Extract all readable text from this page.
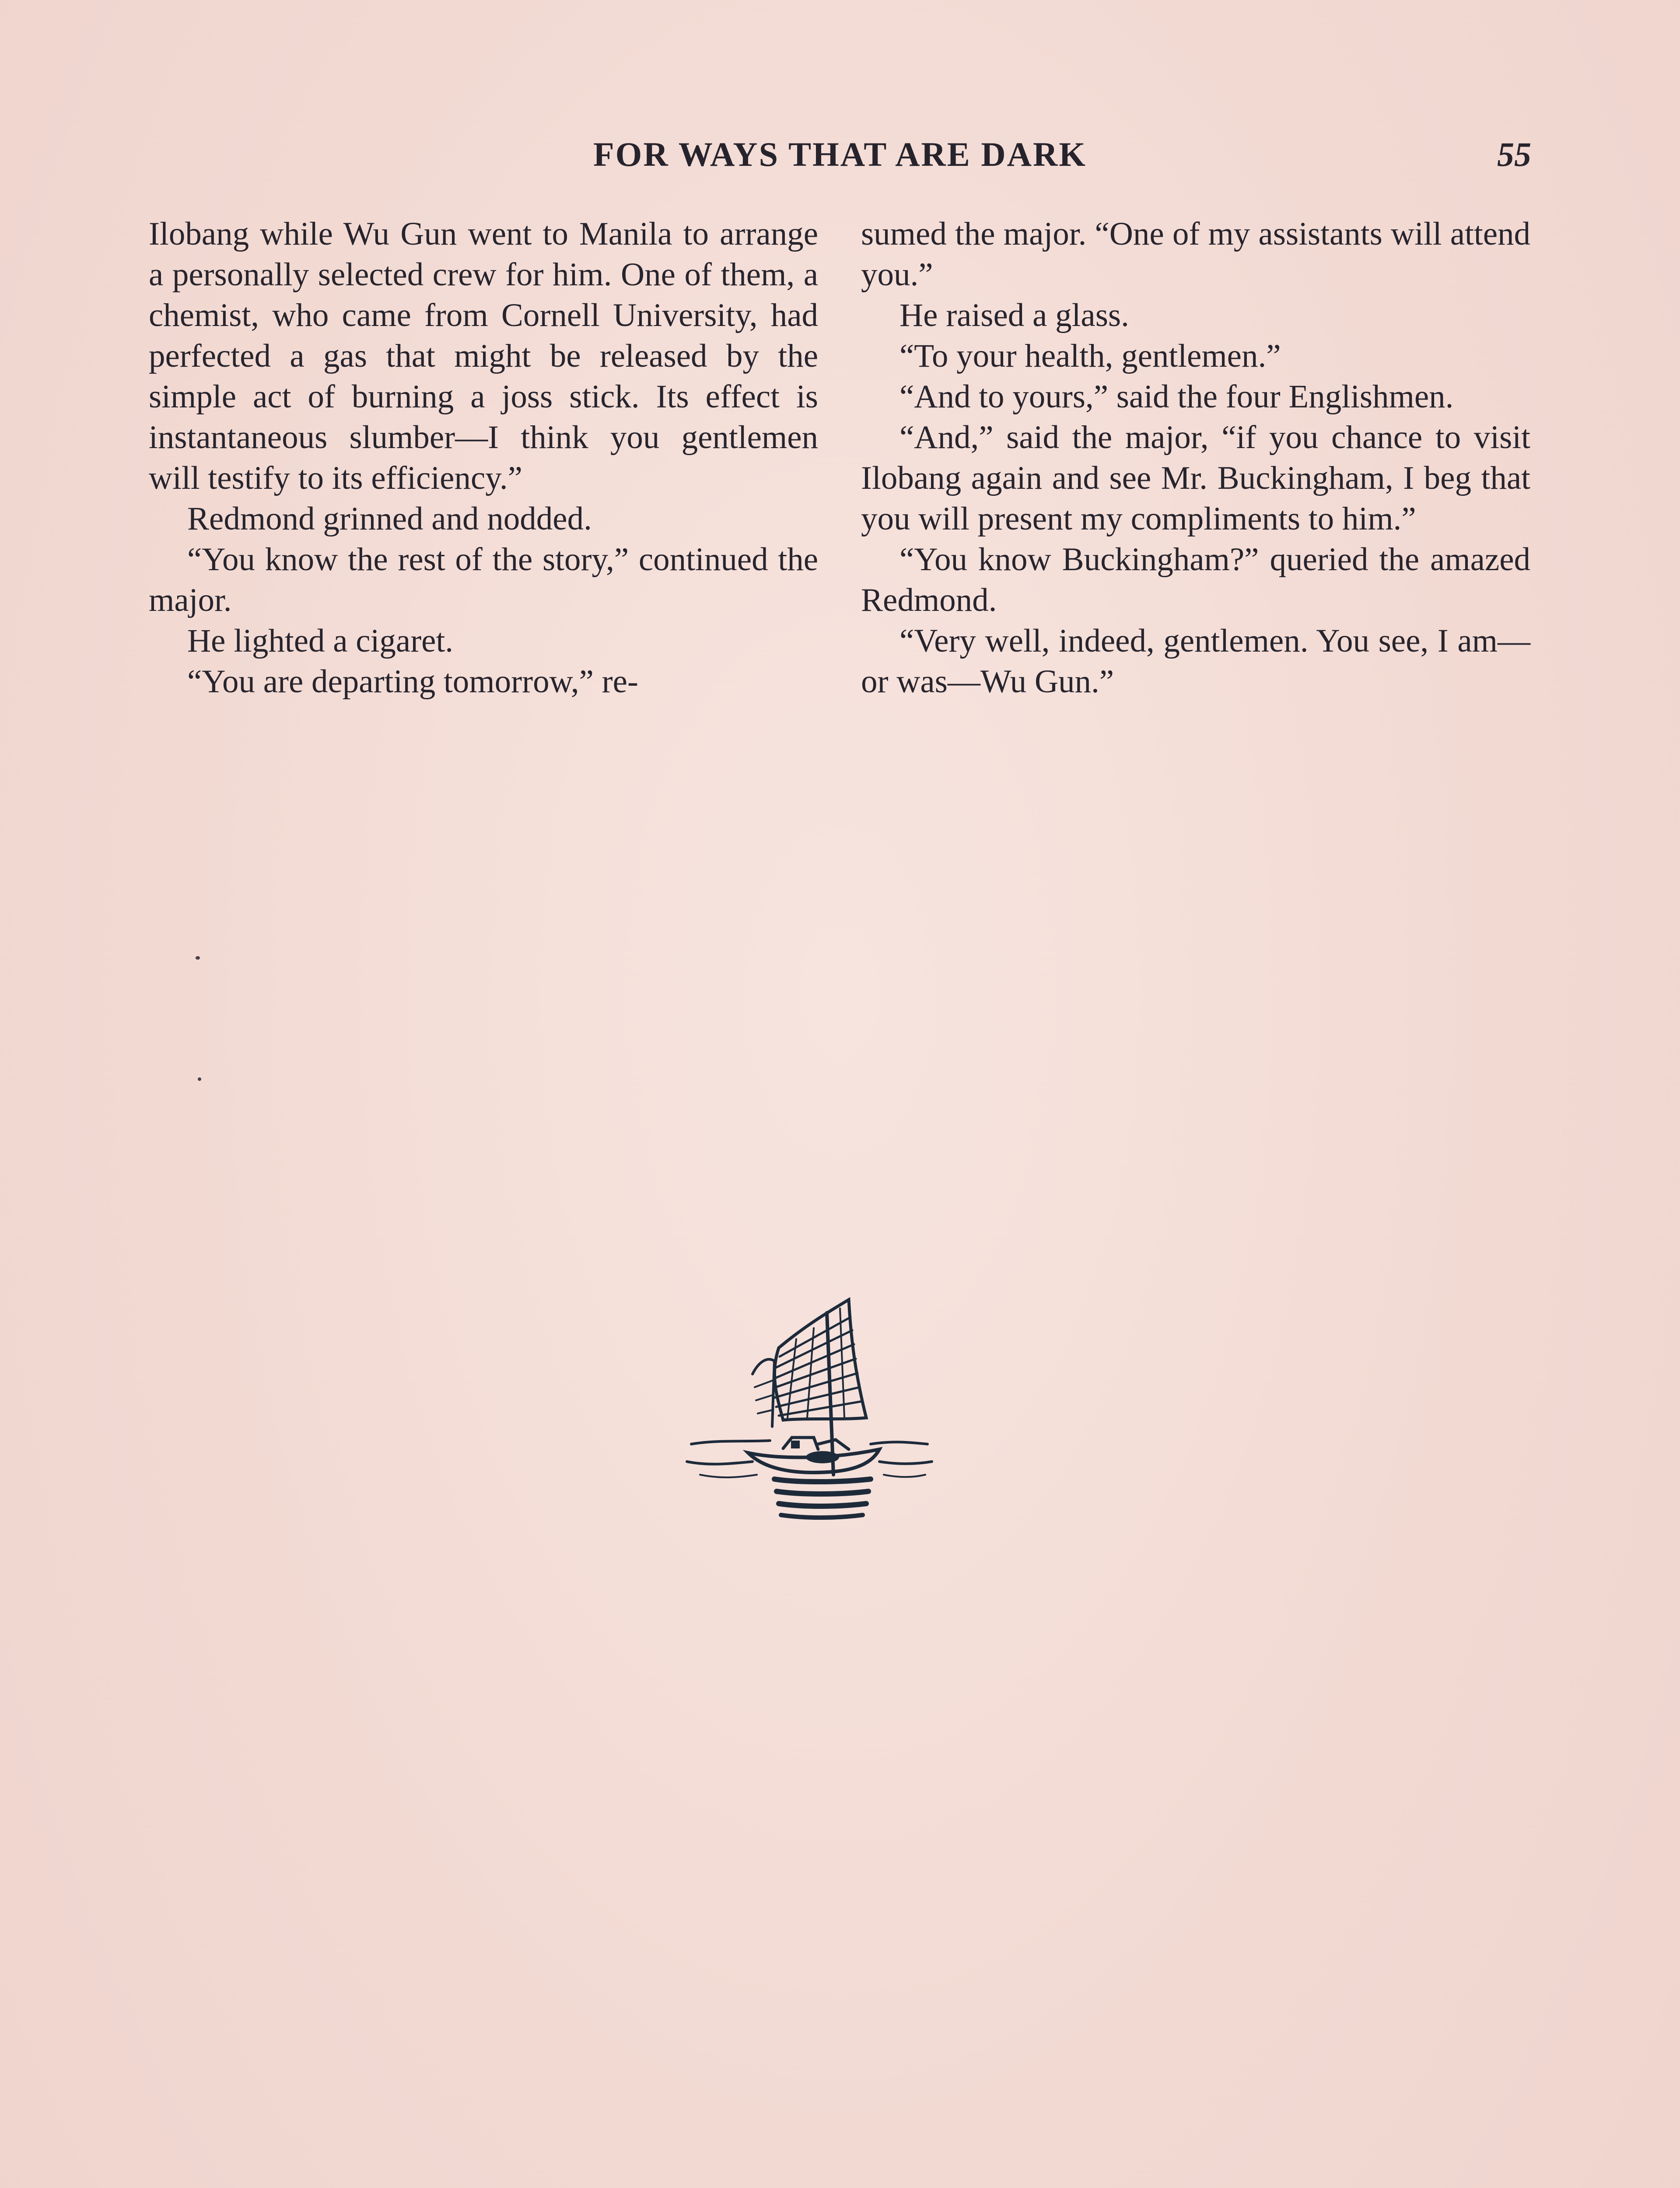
FOR WAYS THAT ARE DARK	55

Ilobang while Wu Gun went to Manila to arrange a personally selected crew for him. One of them, a chemist, who came from Cornell University, had perfected a gas that might be released by the simple act of burning a joss stick. Its effect is instantaneous slumber—I think you gentlemen will testify to its efficiency.”

Redmond grinned and nodded.

“You know the rest of the story,” continued the major.

He lighted a cigaret.

“You are departing tomorrow,” re-

sumed the major. “One of my assistants will attend you.”

He raised a glass.

“To your health, gentlemen.”

“And to yours,” said the four Englishmen.

“And,” said the major, “if you chance to visit Ilobang again and see Mr. Buckingham, I beg that you will present my compliments to him.”

“You know Buckingham?” queried the amazed Redmond.

“Very well, indeed, gentlemen. You see, I am—or was—Wu Gun.”
